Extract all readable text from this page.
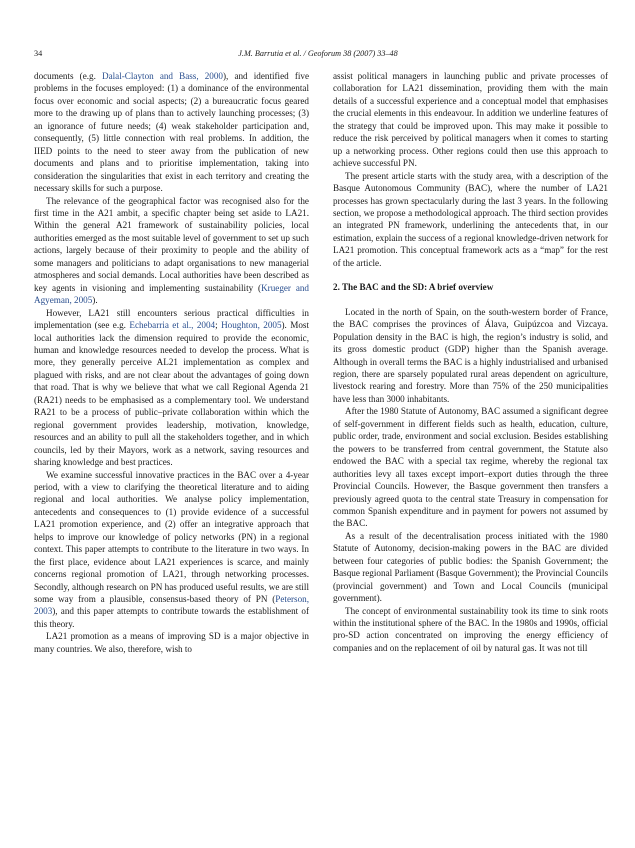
34	J.M. Barrutia et al. / Geoforum 38 (2007) 33–48

documents (e.g. Dalal-Clayton and Bass, 2000), and identified five problems in the focuses employed: (1) a dominance of the environmental focus over economic and social aspects; (2) a bureaucratic focus geared more to the drawing up of plans than to actively launching processes; (3) an ignorance of future needs; (4) weak stakeholder participation and, consequently, (5) little connection with real problems. In addition, the IIED points to the need to steer away from the publication of new documents and plans and to prioritise implementation, taking into consideration the singularities that exist in each territory and creating the necessary skills for such a purpose.

The relevance of the geographical factor was recognised also for the first time in the A21 ambit, a specific chapter being set aside to LA21. Within the general A21 framework of sustainability policies, local authorities emerged as the most suitable level of government to set up such actions, largely because of their proximity to people and the ability of some managers and politicians to adapt organisations to new managerial atmospheres and social demands. Local authorities have been described as key agents in visioning and implementing sustainability (Krueger and Agyeman, 2005).

However, LA21 still encounters serious practical difficulties in implementation (see e.g. Echebarria et al., 2004; Houghton, 2005). Most local authorities lack the dimension required to provide the economic, human and knowledge resources needed to develop the process. What is more, they generally perceive AL21 implementation as complex and plagued with risks, and are not clear about the advantages of going down that road. That is why we believe that what we call Regional Agenda 21 (RA21) needs to be emphasised as a complementary tool. We understand RA21 to be a process of public–private collaboration within which the regional government provides leadership, motivation, knowledge, resources and an ability to pull all the stakeholders together, and in which councils, led by their Mayors, work as a network, saving resources and sharing knowledge and best practices.

We examine successful innovative practices in the BAC over a 4-year period, with a view to clarifying the theoretical literature and to aiding regional and local authorities. We analyse policy implementation, antecedents and consequences to (1) provide evidence of a successful LA21 promotion experience, and (2) offer an integrative approach that helps to improve our knowledge of policy networks (PN) in a regional context. This paper attempts to contribute to the literature in two ways. In the first place, evidence about LA21 experiences is scarce, and mainly concerns regional promotion of LA21, through networking processes. Secondly, although research on PN has produced useful results, we are still some way from a plausible, consensus-based theory of PN (Peterson, 2003), and this paper attempts to contribute towards the establishment of this theory.

LA21 promotion as a means of improving SD is a major objective in many countries. We also, therefore, wish to

assist political managers in launching public and private processes of collaboration for LA21 dissemination, providing them with the main details of a successful experience and a conceptual model that emphasises the crucial elements in this endeavour. In addition we underline features of the strategy that could be improved upon. This may make it possible to reduce the risk perceived by political managers when it comes to starting up a networking process. Other regions could then use this approach to achieve successful PN.

The present article starts with the study area, with a description of the Basque Autonomous Community (BAC), where the number of LA21 processes has grown spectacularly during the last 3 years. In the following section, we propose a methodological approach. The third section provides an integrated PN framework, underlining the antecedents that, in our estimation, explain the success of a regional knowledge-driven network for LA21 promotion. This conceptual framework acts as a “map” for the rest of the article.

2. The BAC and the SD: A brief overview

Located in the north of Spain, on the south-western border of France, the BAC comprises the provinces of Álava, Guipúzcoa and Vizcaya. Population density in the BAC is high, the region’s industry is solid, and its gross domestic product (GDP) higher than the Spanish average. Although in overall terms the BAC is a highly industrialised and urbanised region, there are sparsely populated rural areas dependent on agriculture, livestock rearing and forestry. More than 75% of the 250 municipalities have less than 3000 inhabitants.

After the 1980 Statute of Autonomy, BAC assumed a significant degree of self-government in different fields such as health, education, culture, public order, trade, environment and social exclusion. Besides establishing the powers to be transferred from central government, the Statute also endowed the BAC with a special tax regime, whereby the regional tax authorities levy all taxes except import–export duties through the three Provincial Councils. However, the Basque government then transfers a previously agreed quota to the central state Treasury in compensation for common Spanish expenditure and in payment for powers not assumed by the BAC.

As a result of the decentralisation process initiated with the 1980 Statute of Autonomy, decision-making powers in the BAC are divided between four categories of public bodies: the Spanish Government; the Basque regional Parliament (Basque Government); the Provincial Councils (provincial government) and Town and Local Councils (municipal government).

The concept of environmental sustainability took its time to sink roots within the institutional sphere of the BAC. In the 1980s and 1990s, official pro-SD action concentrated on improving the energy efficiency of companies and on the replacement of oil by natural gas. It was not till
